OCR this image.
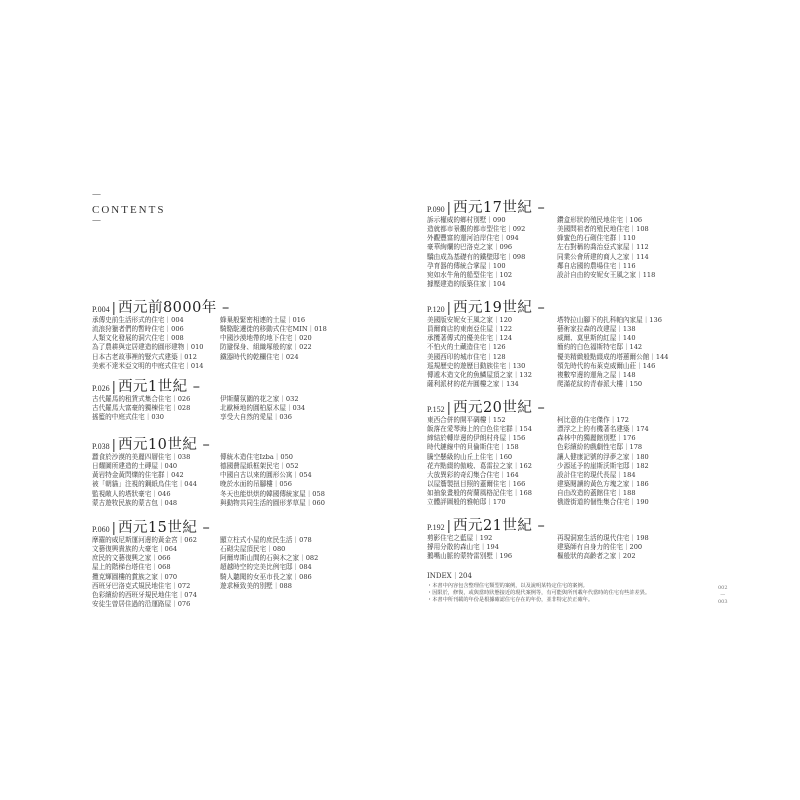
—
CONTENTS
—
P.004 | 西元前8000年 –
承傳史前生活形式的住宅｜004
流浪狩獵者們的暫時住宅｜006
人類文化發展的洞穴住宅｜008
為了農耕與定居建造的圓形建物｜010
日本古老故事裡的豎穴式建築｜012
美索不達米亞文明的中庭式住宅｜014
蜂巢般緊密相連的土屋｜016
騎駱駝遷徙的移動式住宅MIN｜018
中國沙漠地帶的地下住宅｜020
防避保身、組織塚般的家｜022
鐵器時代的乾欄住宅｜024
P.026 | 西元1世紀 –
古代羅馬的租賃式集合住宅｜026
古代羅馬大富豪的獨棟住宅｜028
搖籃的中庭式住宅｜030
伊斯蘭氛圍的花之家｜032
北歐極地的圓柏原木屋｜034
享受大自然的愛屋｜036
P.038 | 西元10世紀 –
蠶食於沙漠的美麗四層住宅｜038
日耀圖所建造的土磚屋｜040
黃岩特金黃閃爍的住宅群｜042
被「朝貓」注視的鋼紙烏住宅｜044
監視敵人的塔狀豪宅｜046
蒙古遊牧民族的蒙古包｜048
傳統木造住宅Izba｜050
德國費屋紙框架民宅｜052
中國自古以來的圓形公寓｜054
晚於水面的吊腳樓｜056
冬天也能烘烘的韓國傳統家屋｜058
與動物共同生活的圓形茅草屋｜060
P.060 | 西元15世紀 –
摩羅的威尼斯運河邊的黃金宮｜062
文藝復興貴族的大豪宅｜064
庶民的文藝復興之家｜066
屋上的階梯台塔住宅｜068
攬克輝圓樓的賞族之家｜070
西班牙巴洛克式規民地住宅｜072
色彩繽紛的西班牙規民地住宅｜074
安徒生曾居住過的沿運路屋｜076
顯立柱式小屋的庶民生活｜078
石砌尖屋頂民宅｜080
阿爾卑斯山間的石與木之家｜082
超越時空的完美比例宅邸｜084
騎人聽聞的女巫市長之家｜086
遊求極致美的別墅｜088
P.090 | 西元17世紀 –
訴示權威的鄉村別墅｜090
造就都市景觀的都市型住宅｜092
外觀豐富的運河泊岸住宅｜094
豪華絢爛的巴洛克之家｜096
驕由成為基礎有的鐵壁邸宅｜098
孕育器的傳統合掌屋｜100
宛如水牛角的船型住宅｜102
據壓建造的版築住家｜104
鑽盒形狀的殖民地住宅｜106
美國問祖者的殖民地住宅｜108
蜂蜜色的石砌住宅群｜110
左右對稱的喬治亞式家屋｜112
同業公會所建的商人之家｜114
鄰自店國的農場住宅｜116
設計自由的安妮女王風之家｜118
P.120 | 西元19世紀 –
美國版安妮女王風之家｜120
員爾商店的東南亞住屋｜122
承攬著傳式的優美住宅｜124
不怕火的土藏造住宅｜126
美國西印的城市住宅｜128
巡規歷史的遊歷目動族住宅｜130
傳遞木造文化的魚鱗屋頂之家｜132
薩利派材的花卉圓樓之家｜134
塔特拉山腳下的扎科帕內家屋｜136
藝術家拉森的改建屋｜138
威爾、莫里斯的紅屋｜140
簡約的白色福斯特宅邸｜142
優美精緻般點綴成的塔蕙爾公館｜144
領先時代的布萊克威爾山莊｜146
複數窄邊的運角之屋｜148
爬滿花紋的青春派大樓｜150
P.152 | 西元20世紀 –
東西合併的開平碉樓｜152
飯落在愛琴海上的白色住宅群｜154
締結於轉岸邊的伊朗村舟屋｜156
時代鏈線中的貝倫斯住宅｜158
騰空懸級的山丘上住宅｜160
花卉點綴的傲峻、葛雷拉之家｜162
大放異彩的奇幻集合住宅｜164
以屋簷製扭目照的蓋爾住宅｜166
如抽象畫般的荷蘭風格記住宅｜168
立體評圖般的雅帕邸｜170
柯比意的住宅傑作｜172
漂浮之上的有機著名建築｜174
森林中的獨麗館別墅｜176
色彩繽紛的戲劇性宅邸｜178
讓人健康記號的浮夢之家｜180
少源延予的崖斯沃斯宅邸｜182
設計住宅的現代長屋｜184
建築閱讀的黃色方塊之家｜186
自由改造的蓋館住宅｜188
俄遊街道的個性集合住宅｜190
P.192 | 西元21世紀 –
剪影住宅之藍屋｜192
撐用分散的森山宅｜194
鵝嘴山脈的蒙特雷別墅｜196
再現洞窟生活的現代住宅｜198
建築師有自身力的住宅｜200
樞般狀的高齡者之家｜202
INDEX｜204
・本書中內容包含整理住宅類型的案例，以及說明某特定住宅的案例。
・因限於，修復，或與當時狀態接近的現代案例等，有可能與所刊載年代當時的住宅有些許差異。
・本書中所刊載的年份是根據確認住宅存在的年份，並非特定於正確年。
002
—
003
